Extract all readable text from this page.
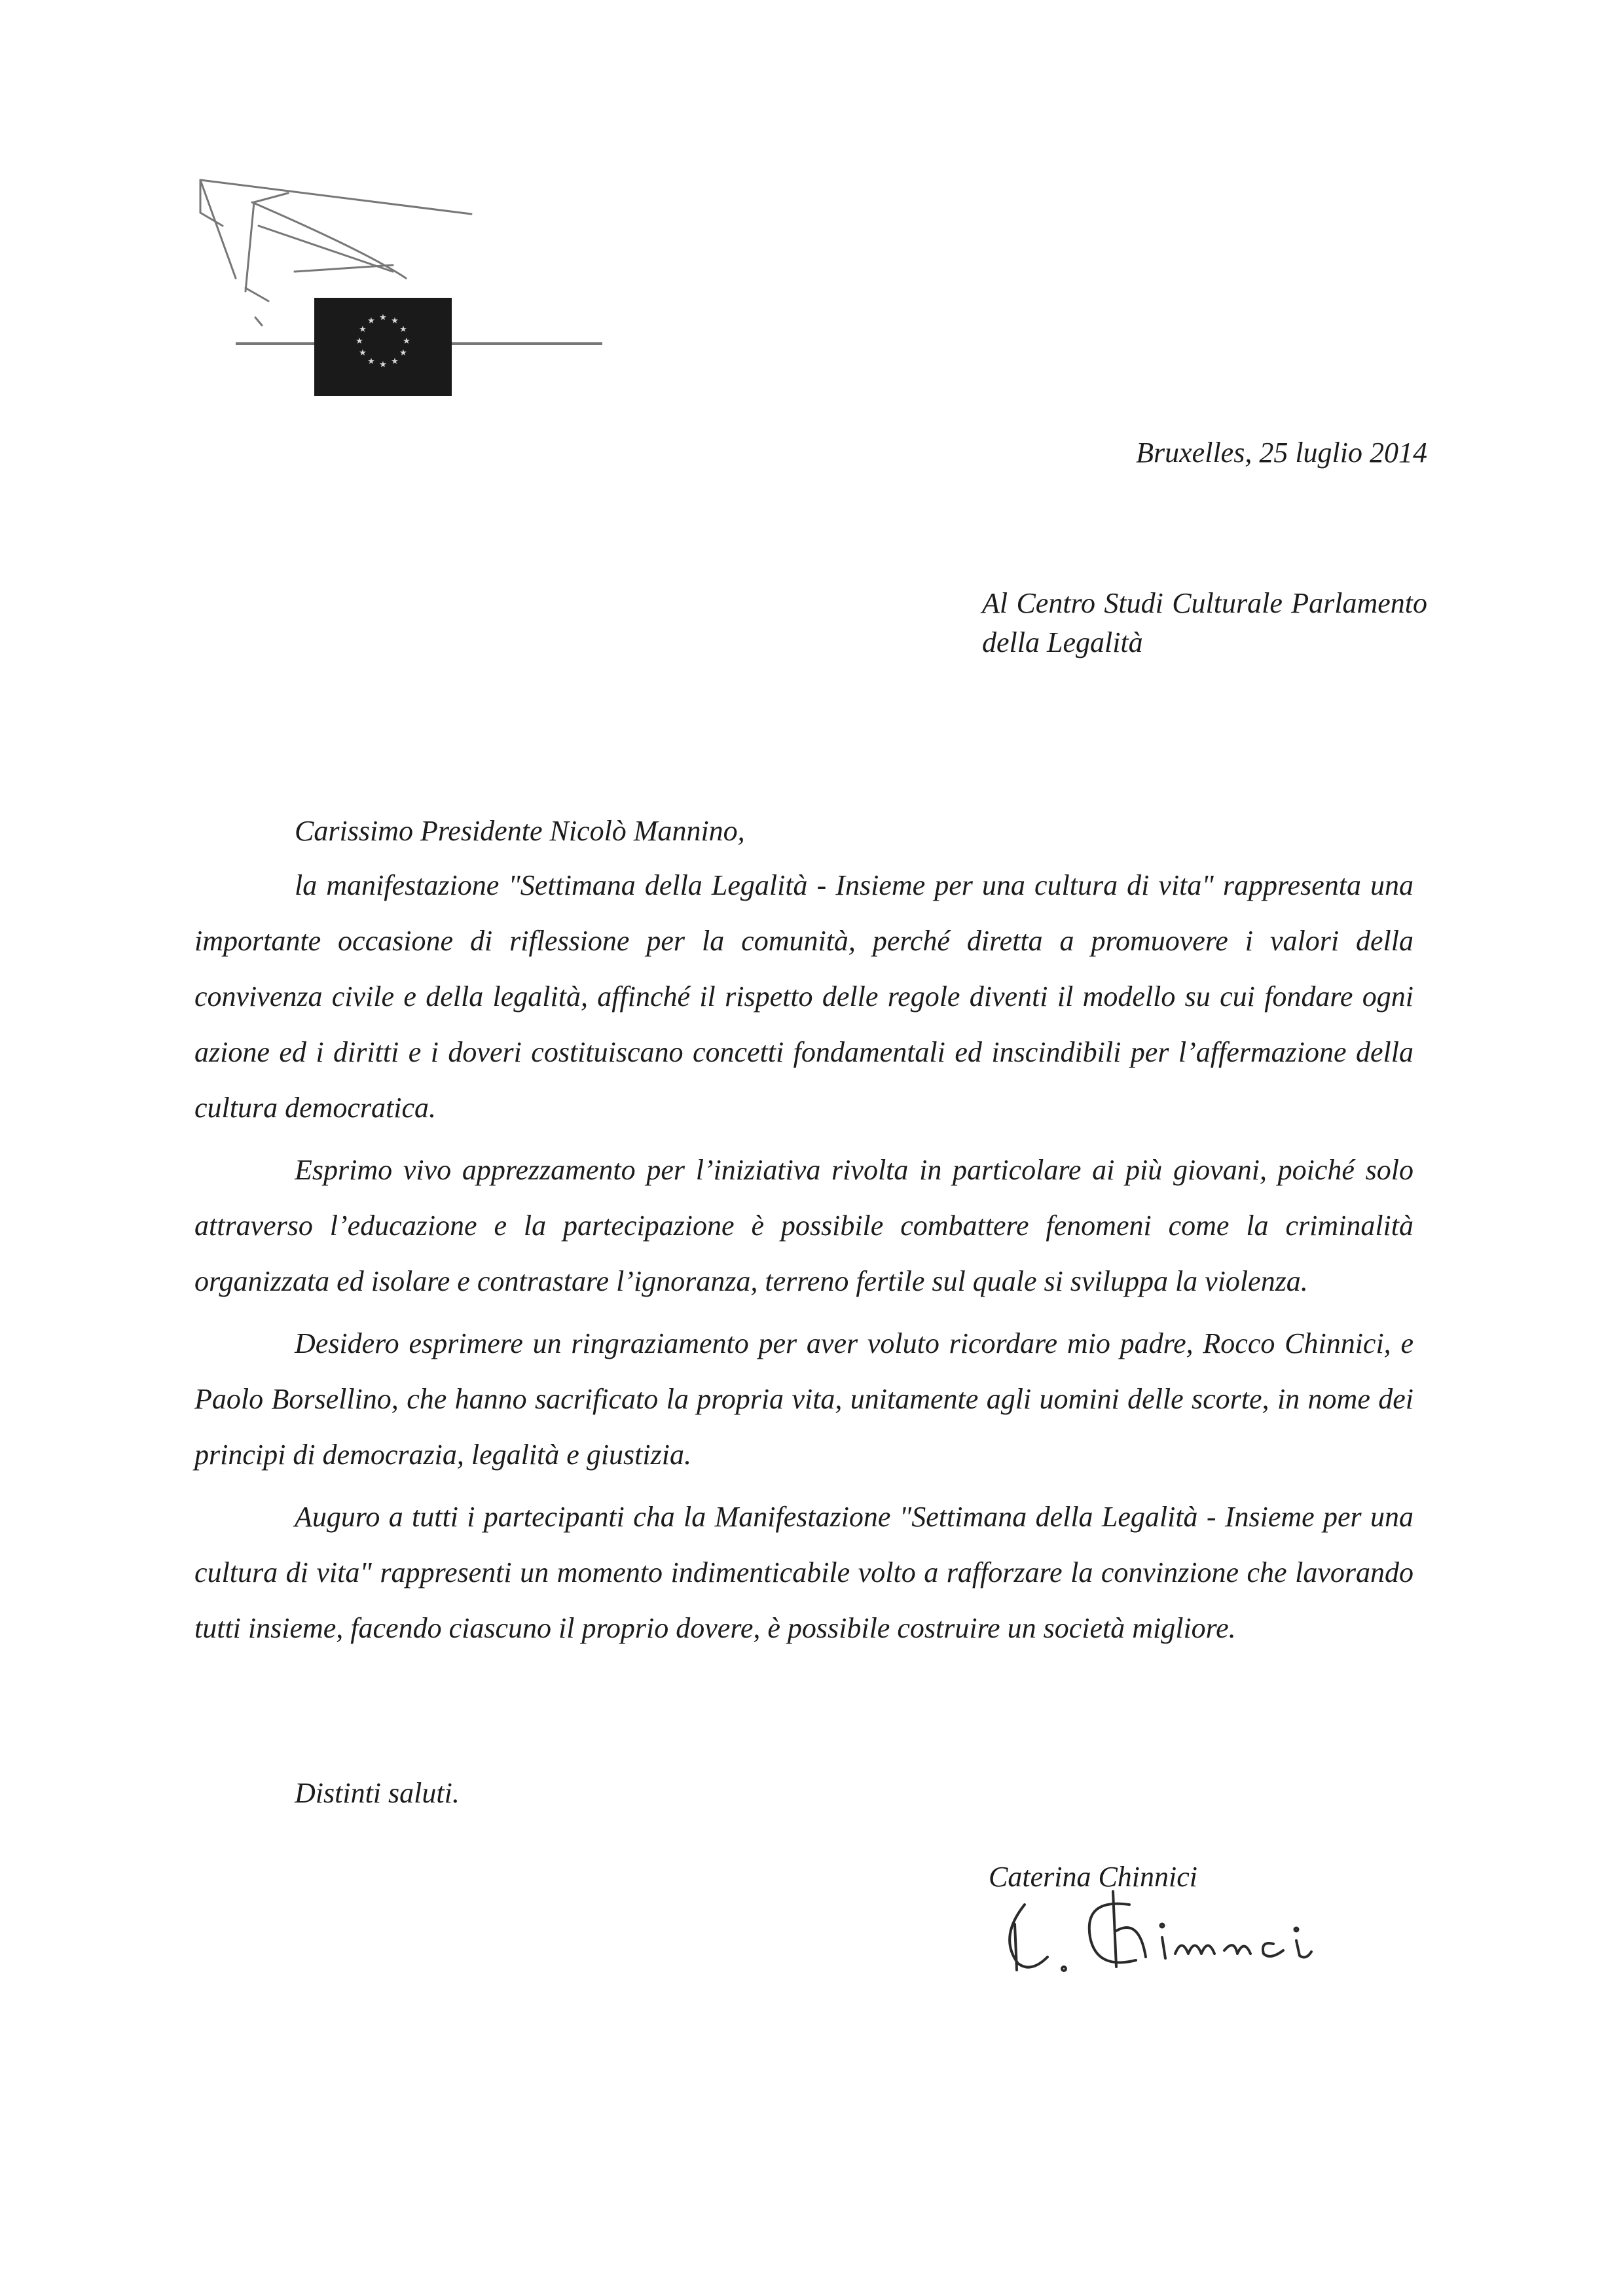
★ ★
★
★
★
★
★
★
★
★
★
★
Bruxelles, 25 luglio 2014
Al Centro Studi Culturale Parlamento
della Legalità
Carissimo Presidente Nicolò Mannino,

la manifestazione "Settimana della Legalità - Insieme per una cultura di vita" rappresenta una importante occasione di riflessione per la comunità, perché diretta a promuovere i valori della convivenza civile e della legalità, affinché il rispetto delle regole diventi il modello su cui fondare ogni azione ed i diritti e i doveri costituiscano concetti fondamentali ed inscindibili per l’affermazione della cultura democratica.

Esprimo vivo apprezzamento per l’iniziativa rivolta in particolare ai più giovani, poiché solo attraverso l’educazione e la partecipazione è possibile combattere fenomeni come la criminalità organizzata ed isolare e contrastare l’ignoranza, terreno fertile sul quale si sviluppa la violenza.

Desidero esprimere un ringraziamento per aver voluto ricordare mio padre, Rocco Chinnici, e Paolo Borsellino, che hanno sacrificato la propria vita, unitamente agli uomini delle scorte, in nome dei principi di democrazia, legalità e giustizia.

Auguro a tutti i partecipanti cha la Manifestazione "Settimana della Legalità - Insieme per una cultura di vita" rappresenti un momento indimenticabile volto a rafforzare la convinzione che lavorando tutti insieme, facendo ciascuno il proprio dovere, è possibile costruire un società migliore.

Distinti saluti.
Caterina Chinnici
